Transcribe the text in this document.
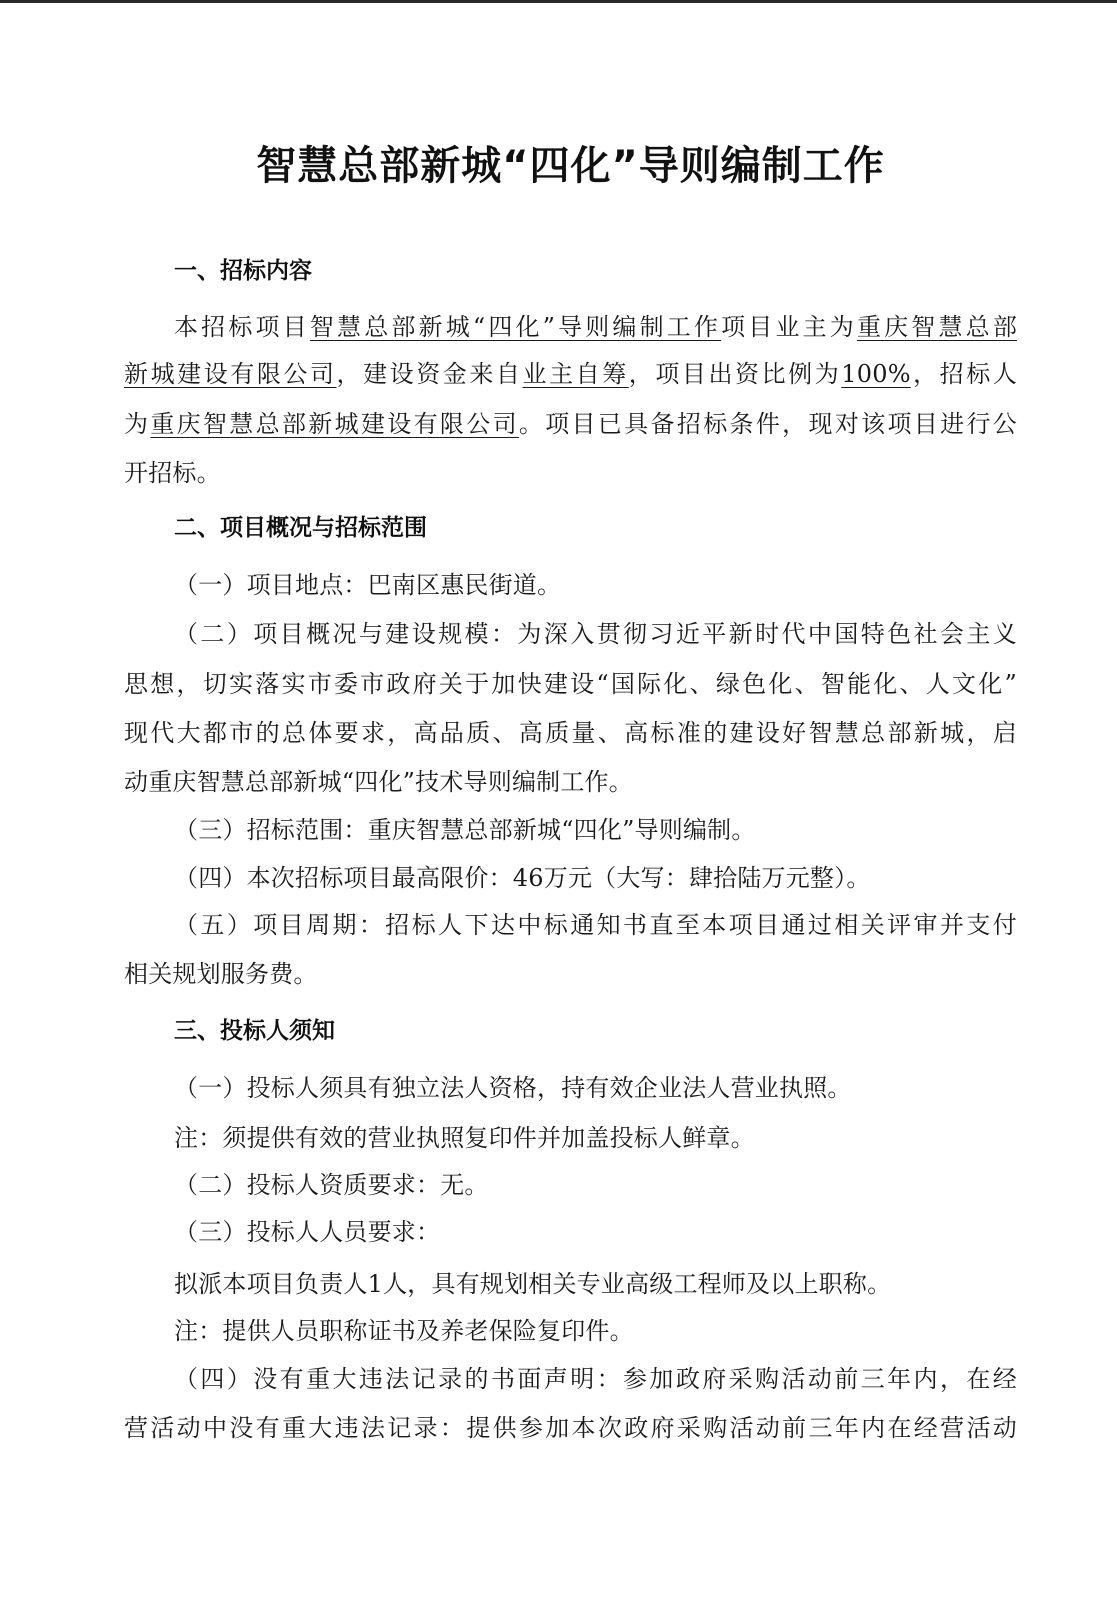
智慧总部新城“四化”导则编制工作
一、招标内容
本招标项目智慧总部新城“四化”导则编制工作项目业主为重庆智慧总部
新城建设有限公司，建设资金来自业主自筹，项目出资比例为100%，招标人
为重庆智慧总部新城建设有限公司。项目已具备招标条件，现对该项目进行公
开招标。
二、项目概况与招标范围
（一）项目地点：巴南区惠民街道。
（二）项目概况与建设规模：为深入贯彻习近平新时代中国特色社会主义
思想，切实落实市委市政府关于加快建设“国际化、绿色化、智能化、人文化”
现代大都市的总体要求，高品质、高质量、高标准的建设好智慧总部新城，启
动重庆智慧总部新城“四化”技术导则编制工作。
（三）招标范围：重庆智慧总部新城“四化”导则编制。
（四）本次招标项目最高限价：46万元（大写：肆拾陆万元整）。
（五）项目周期：招标人下达中标通知书直至本项目通过相关评审并支付
相关规划服务费。
三、投标人须知
（一）投标人须具有独立法人资格，持有效企业法人营业执照。
注：须提供有效的营业执照复印件并加盖投标人鲜章。
（二）投标人资质要求：无。
（三）投标人人员要求：
拟派本项目负责人1人，具有规划相关专业高级工程师及以上职称。
注：提供人员职称证书及养老保险复印件。
（四）没有重大违法记录的书面声明：参加政府采购活动前三年内，在经
营活动中没有重大违法记录：提供参加本次政府采购活动前三年内在经营活动
